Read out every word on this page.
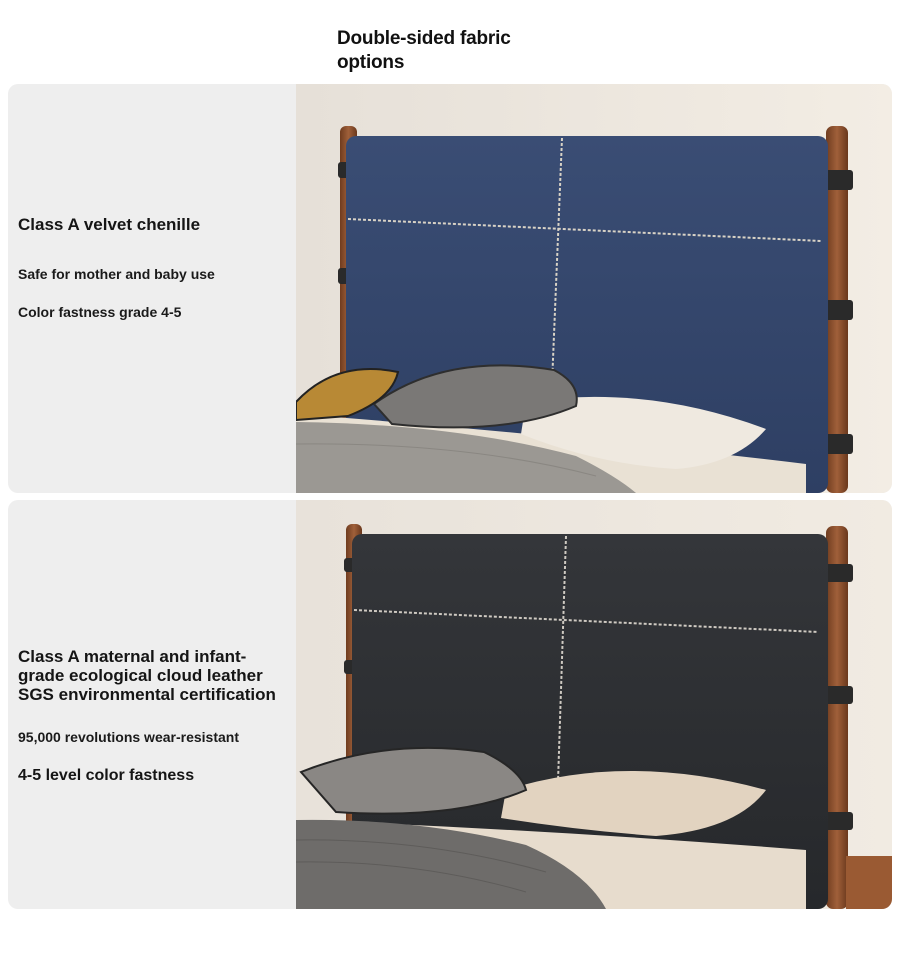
Double-sided fabric options
Class A velvet chenille
Safe for mother and baby use
Color fastness grade 4-5
Class A maternal and infant-
grade ecological cloud leather
SGS environmental certification
95,000 revolutions wear-resistant
4-5 level color fastness
